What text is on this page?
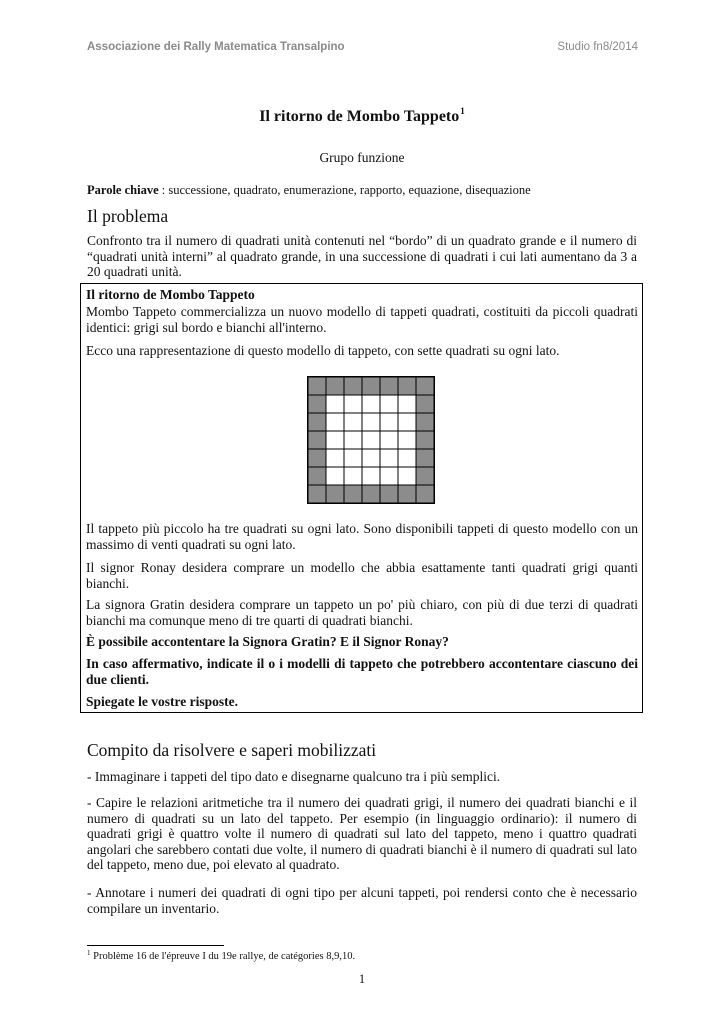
Associazione dei Rally Matematica Transalpino	Studio fn8/2014
Il ritorno de Mombo Tappeto$^1$
Grupo funzione
Parole chiave : successione, quadrato, enumerazione, rapporto, equazione, disequazione
Il problema
Confronto tra il numero di quadrati unità contenuti nel “bordo” di un quadrato grande e il numero di “quadrati unità interni” al quadrato grande, in una successione di quadrati i cui lati aumentano da 3 a 20 quadrati unità.
Il ritorno de Mombo Tappeto
Mombo Tappeto commercializza un nuovo modello di tappeti quadrati, costituiti da piccoli quadrati identici: grigi sul bordo e bianchi all'interno.
Ecco una rappresentazione di questo modello di tappeto, con sette quadrati su ogni lato.
Il tappeto più piccolo ha tre quadrati su ogni lato. Sono disponibili tappeti di questo modello con un massimo di venti quadrati su ogni lato.
Il signor Ronay desidera comprare un modello che abbia esattamente tanti quadrati grigi quanti bianchi.
La signora Gratin desidera comprare un tappeto un po' più chiaro, con più di due terzi di quadrati bianchi ma comunque meno di tre quarti di quadrati bianchi.
È possibile accontentare la Signora Gratin? E il Signor Ronay?
In caso affermativo, indicate il o i modelli di tappeto che potrebbero accontentare ciascuno dei due clienti.
Spiegate le vostre risposte.
Compito da risolvere e saperi mobilizzati
- Immaginare i tappeti del tipo dato e disegnarne qualcuno tra i più semplici.
- Capire le relazioni aritmetiche tra il numero dei quadrati grigi, il numero dei quadrati bianchi e il numero di quadrati su un lato del tappeto. Per esempio (in linguaggio ordinario): il numero di quadrati grigi è quattro volte il numero di quadrati sul lato del tappeto, meno i quattro quadrati angolari che sarebbero contati due volte, il numero di quadrati bianchi è il numero di quadrati sul lato del tappeto, meno due, poi elevato al quadrato.
- Annotare i numeri dei quadrati di ogni tipo per alcuni tappeti, poi rendersi conto che è necessario compilare un inventario.
$^1$ Problème 16 de l'épreuve I du 19e rallye, de catégories 8,9,10.
1
